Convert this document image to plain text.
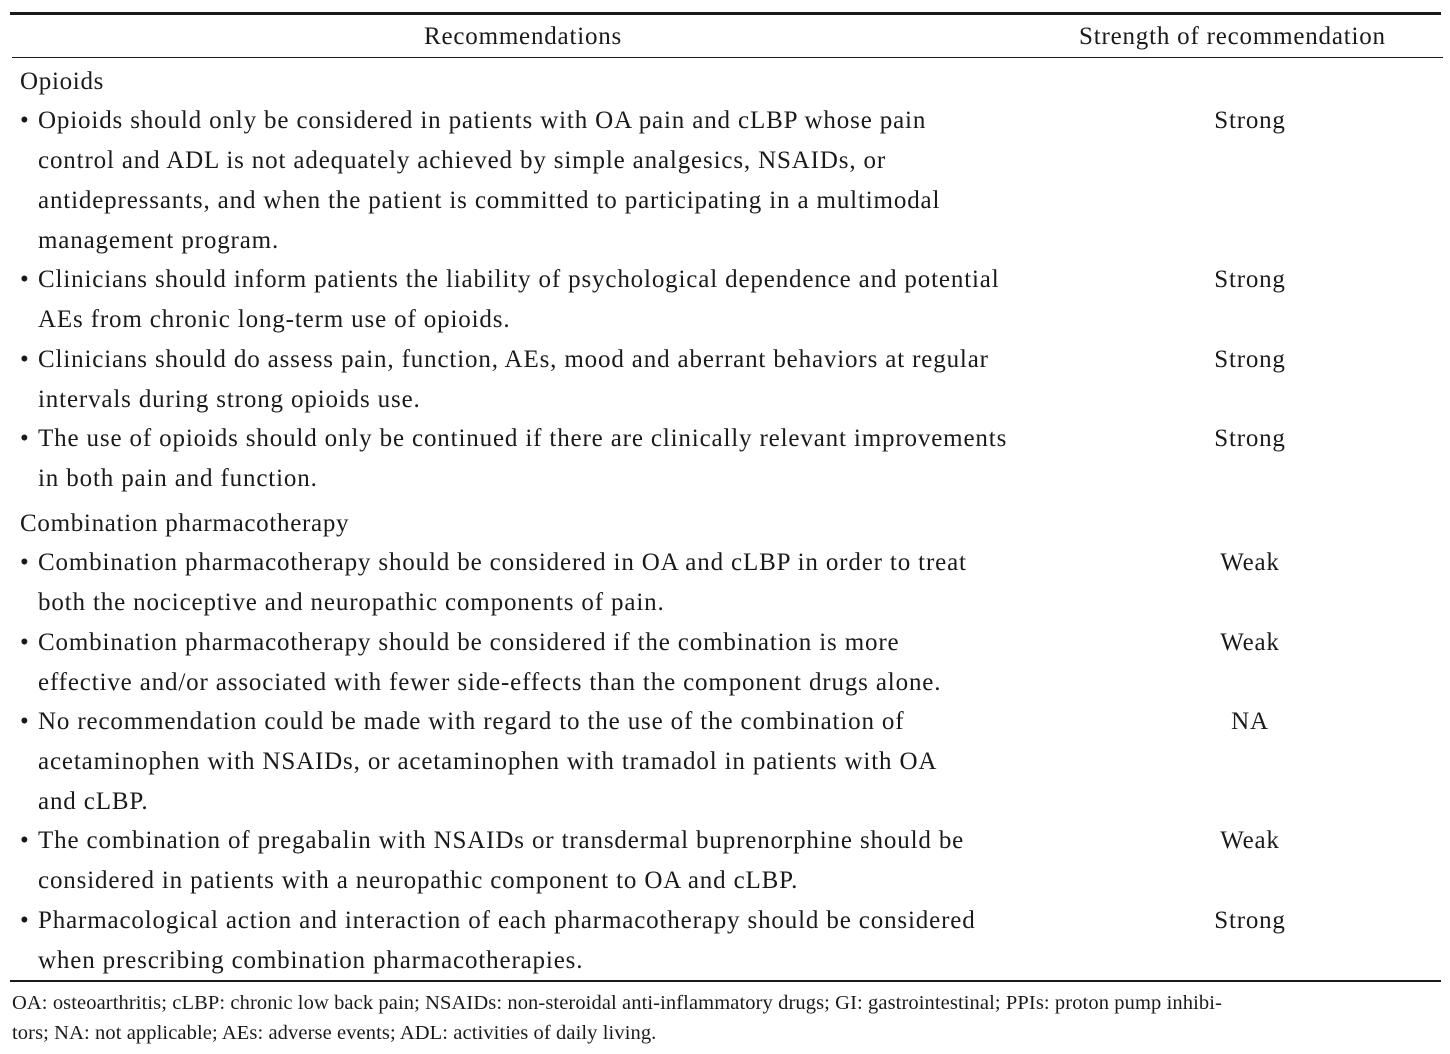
Recommendations	Strength of recommendation
Opioids
• Opioids should only be considered in patients with OA pain and cLBP whose pain
control and ADL is not adequately achieved by simple analgesics, NSAIDs, or
antidepressants, and when the patient is committed to participating in a multimodal
management program.
Strong
• Clinicians should inform patients the liability of psychological dependence and potential
AEs from chronic long-term use of opioids.
Strong
• Clinicians should do assess pain, function, AEs, mood and aberrant behaviors at regular
intervals during strong opioids use.
Strong
• The use of opioids should only be continued if there are clinically relevant improvements
in both pain and function.
Strong
Combination pharmacotherapy
• Combination pharmacotherapy should be considered in OA and cLBP in order to treat
both the nociceptive and neuropathic components of pain.
Weak
• Combination pharmacotherapy should be considered if the combination is more
effective and/or associated with fewer side-effects than the component drugs alone.
Weak
• No recommendation could be made with regard to the use of the combination of
acetaminophen with NSAIDs, or acetaminophen with tramadol in patients with OA
and cLBP.
NA
• The combination of pregabalin with NSAIDs or transdermal buprenorphine should be
considered in patients with a neuropathic component to OA and cLBP.
Weak
• Pharmacological action and interaction of each pharmacotherapy should be considered
when prescribing combination pharmacotherapies.
Strong
OA: osteoarthritis; cLBP: chronic low back pain; NSAIDs: non-steroidal anti-inflammatory drugs; GI: gastrointestinal; PPIs: proton pump inhibi-
tors; NA: not applicable; AEs: adverse events; ADL: activities of daily living.
